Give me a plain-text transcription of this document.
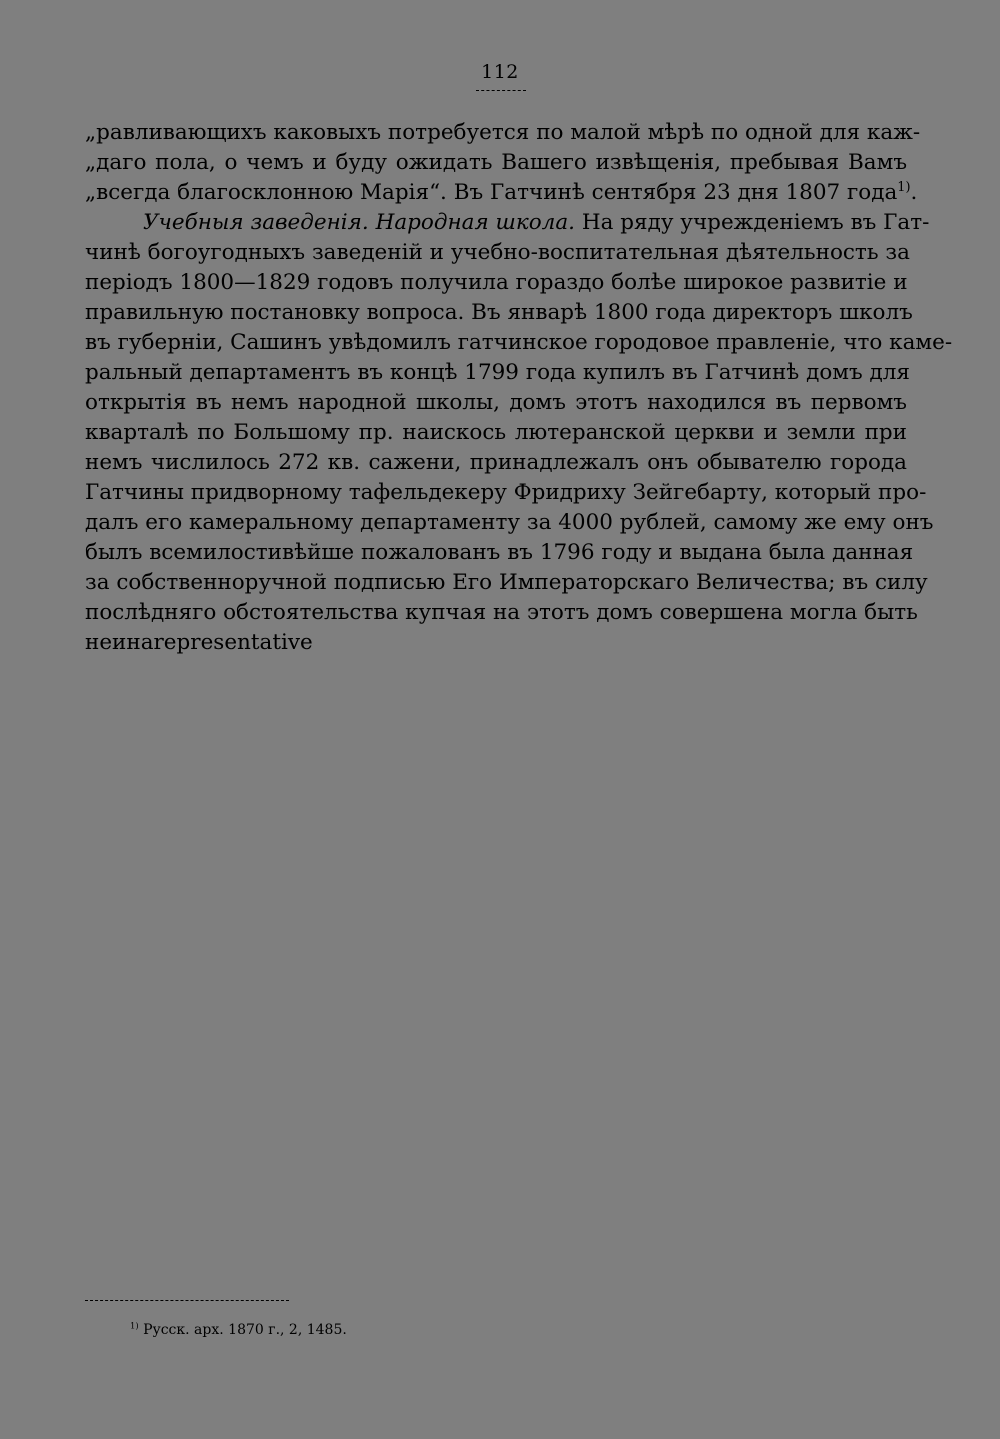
112
„равливающихъ каковыхъ потребуется по малой мѣрѣ по одной для каж-
„даго пола, о чемъ и буду ожидать Вашего извѣщенія, пребывая Вамъ
„всегда благосклонною Марія“. Въ Гатчинѣ сентября 23 дня 1807 года$^{1)}$.
Учебныя заведенія. Народная школа. На ряду учрежденіемъ въ Гат-
чинѣ богоугодныхъ заведеній и учебно-воспитательная дѣятельность за
періодъ 1800—1829 годовъ получила гораздо болѣе широкое развитіе и
правильную постановку вопроса. Въ январѣ 1800 года директоръ школъ
въ губерніи, Сашинъ увѣдомилъ гатчинское городовое правленіе, что каме-
ральный департаментъ въ концѣ 1799 года купилъ въ Гатчинѣ домъ для
открытія въ немъ народной школы, домъ этотъ находился въ первомъ
кварталѣ по Большому пр. наискось лютеранской церкви и земли при
немъ числилось 272 кв. сажени, принадлежалъ онъ обывателю города
Гатчины придворному тафельдекеру Фридриху Зейгебарту, который про-
далъ его камеральному департаменту за 4000 рублей, самому же ему онъ
былъ всемилостивѣйше пожалованъ въ 1796 году и выдана была данная
за собственноручной подписью Его Императорскаго Величества; въ силу
послѣдняго обстоятельства купчая на этотъ домъ совершена могла быть
неинаrepresentative
$^{1)}$ Русск. арх. 1870 г., 2, 1485.
